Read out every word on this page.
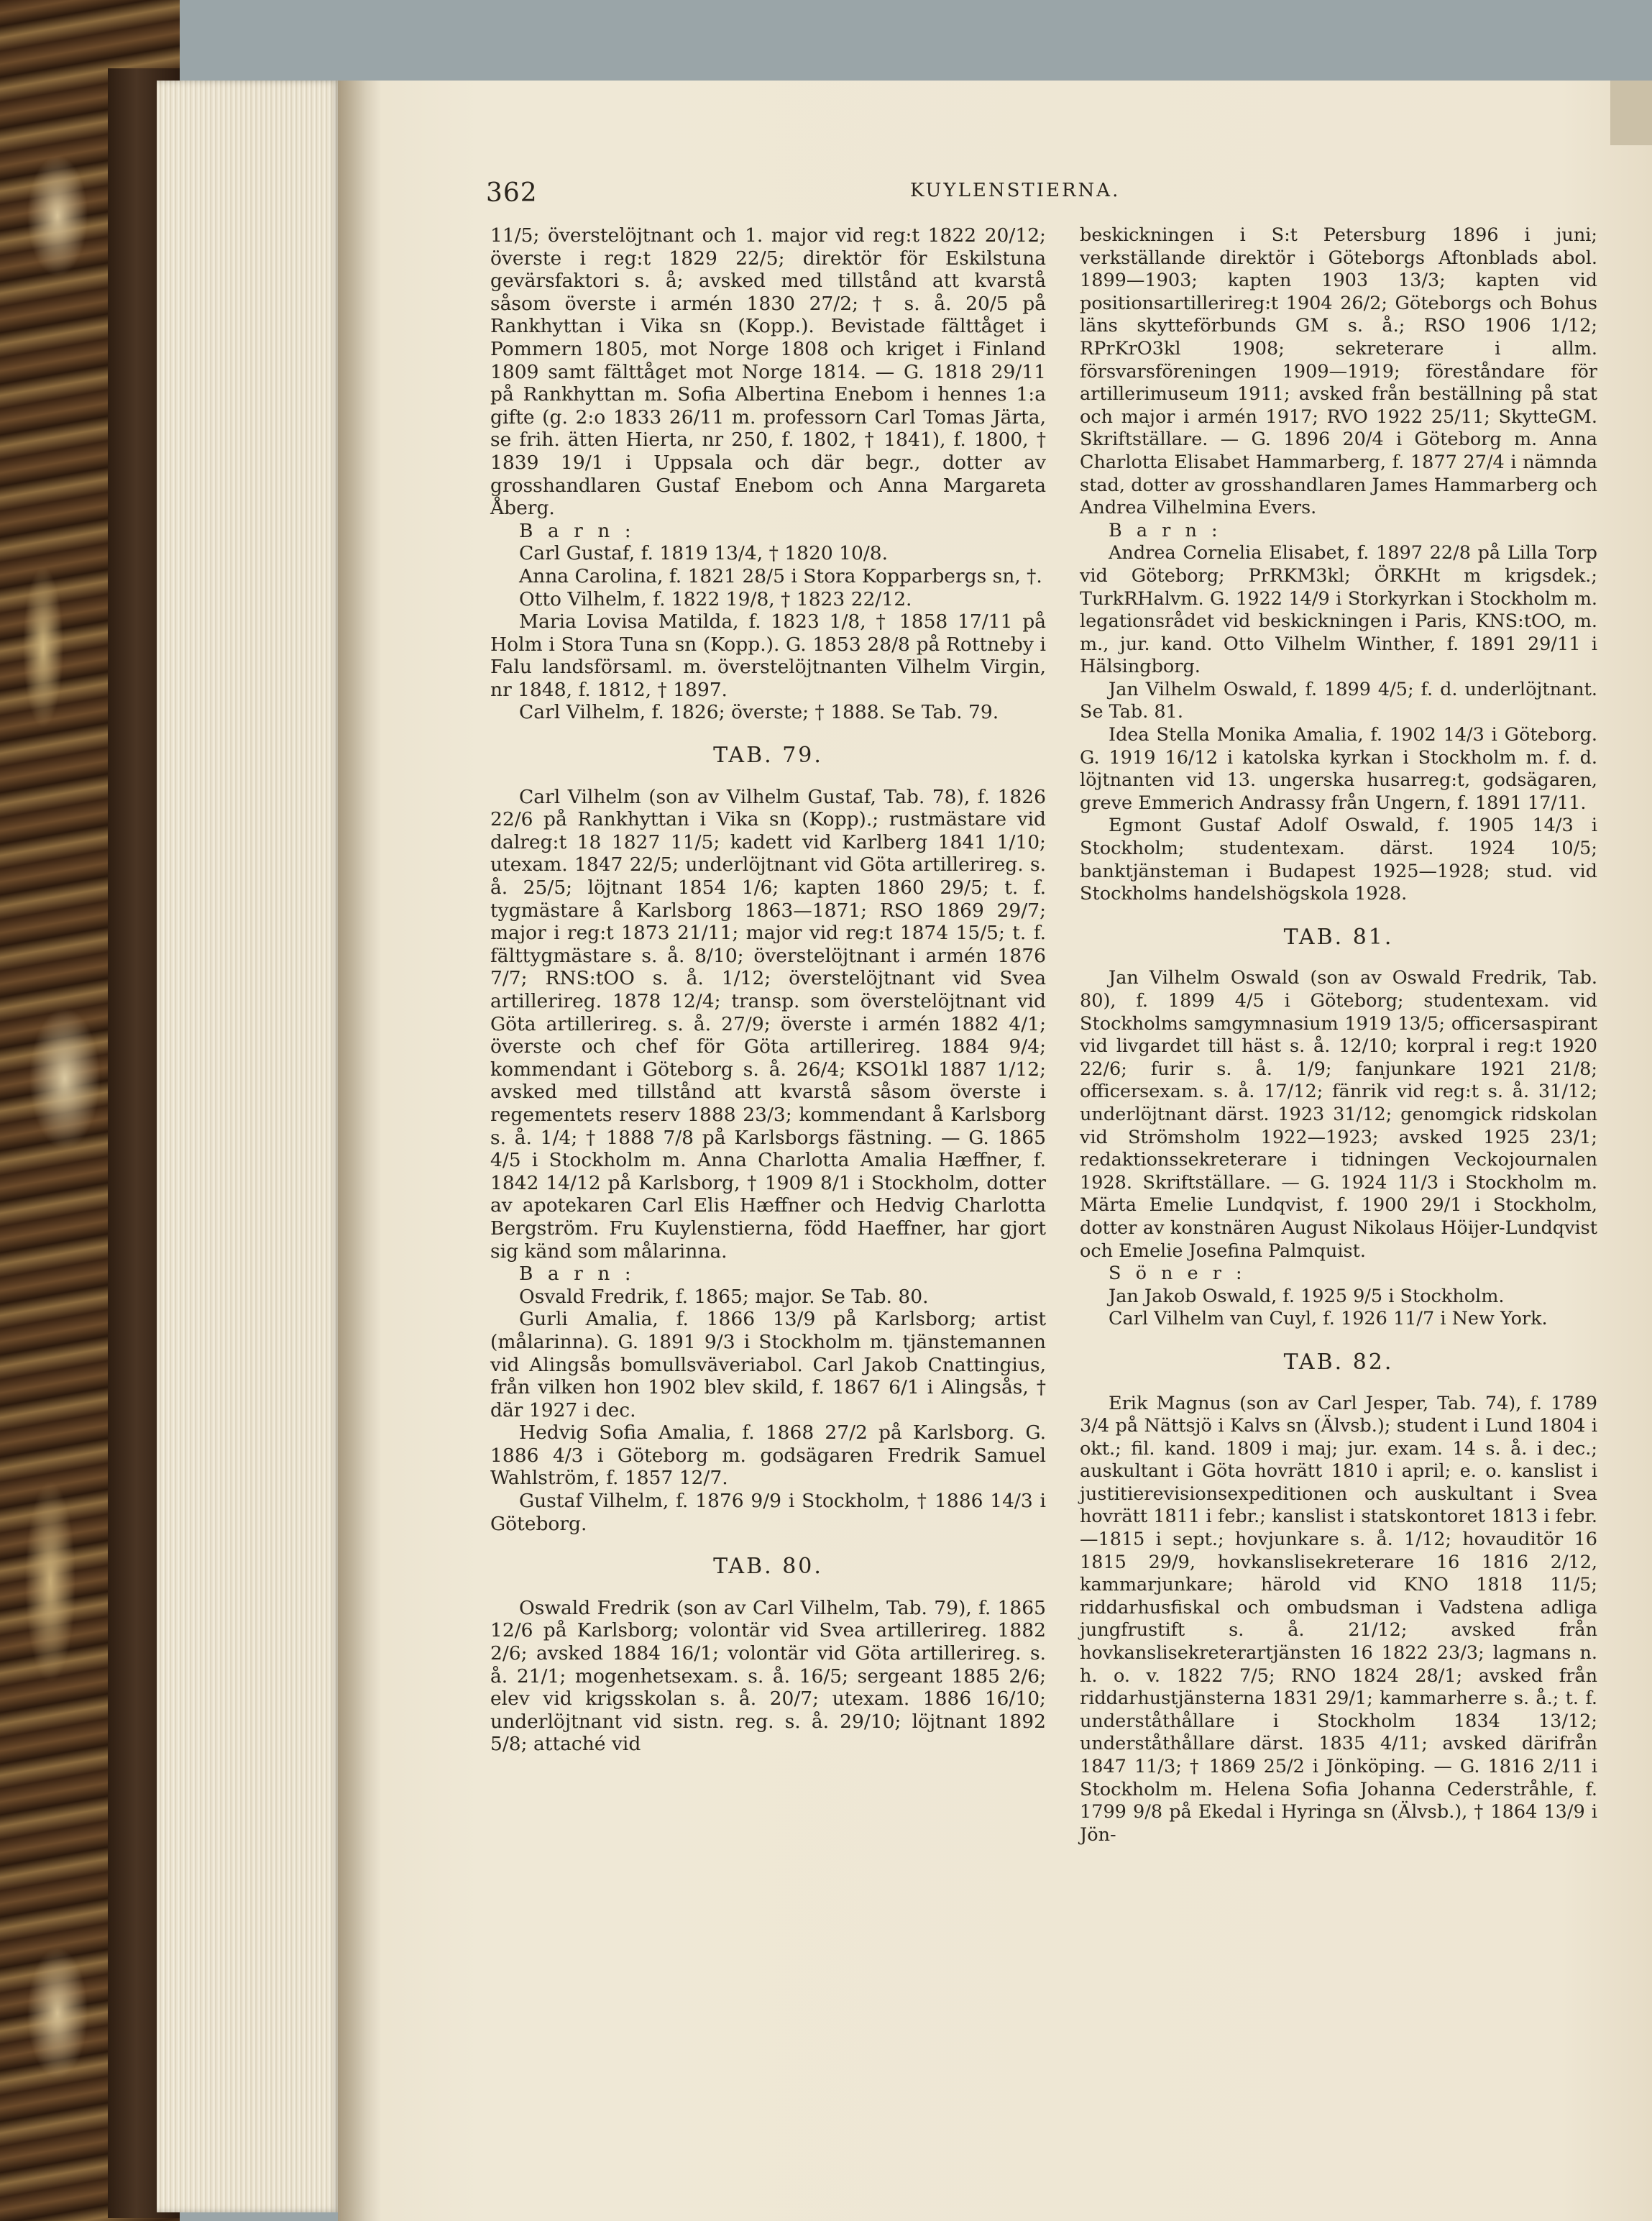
362	KUYLENSTIERNA.

11/5; överstelöjtnant och 1. major vid reg:t 1822 20/12; överste i reg:t 1829 22/5; direktör för Eskilstuna gevärsfaktori s. å; avsked med tillstånd att kvarstå såsom överste i armén 1830 27/2; † s. å. 20/5 på Rankhyttan i Vika sn (Kopp.). Bevistade fälttåget i Pommern 1805, mot Norge 1808 och kriget i Finland 1809 samt fälttåget mot Norge 1814. — G. 1818 29/11 på Rankhyttan m. Sofia Albertina Enebom i hennes 1:a gifte (g. 2:o 1833 26/11 m. professorn Carl Tomas Järta, se frih. ätten Hierta, nr 250, f. 1802, † 1841), f. 1800, † 1839 19/1 i Uppsala och där begr., dotter av grosshandlaren Gustaf Enebom och Anna Margareta Åberg.

B a r n :

Carl Gustaf, f. 1819 13/4, † 1820 10/8.

Anna Carolina, f. 1821 28/5 i Stora Kopparbergs sn, †.

Otto Vilhelm, f. 1822 19/8, † 1823 22/12.

Maria Lovisa Matilda, f. 1823 1/8, † 1858 17/11 på Holm i Stora Tuna sn (Kopp.). G. 1853 28/8 på Rottneby i Falu landsförsaml. m. överstelöjtnanten Vilhelm Virgin, nr 1848, f. 1812, † 1897.

Carl Vilhelm, f. 1826; överste; † 1888. Se Tab. 79.

TAB. 79.

Carl Vilhelm (son av Vilhelm Gustaf, Tab. 78), f. 1826 22/6 på Rankhyttan i Vika sn (Kopp).; rustmästare vid dalreg:t 18 1827 11/5; kadett vid Karlberg 1841 1/10; utexam. 1847 22/5; underlöjtnant vid Göta artillerireg. s. å. 25/5; löjtnant 1854 1/6; kapten 1860 29/5; t. f. tygmästare å Karlsborg 1863—1871; RSO 1869 29/7; major i reg:t 1873 21/11; major vid reg:t 1874 15/5; t. f. fälttygmästare s. å. 8/10; överstelöjtnant i armén 1876 7/7; RNS:tOO s. å. 1/12; överstelöjtnant vid Svea artillerireg. 1878 12/4; transp. som överstelöjtnant vid Göta artillerireg. s. å. 27/9; överste i armén 1882 4/1; överste och chef för Göta artillerireg. 1884 9/4; kommendant i Göteborg s. å. 26/4; KSO1kl 1887 1/12; avsked med tillstånd att kvarstå såsom överste i regementets reserv 1888 23/3; kommendant å Karlsborg s. å. 1/4; † 1888 7/8 på Karlsborgs fästning. — G. 1865 4/5 i Stockholm m. Anna Charlotta Amalia Hæffner, f. 1842 14/12 på Karlsborg, † 1909 8/1 i Stockholm, dotter av apotekaren Carl Elis Hæffner och Hedvig Charlotta Bergström. Fru Kuylenstierna, född Haeffner, har gjort sig känd som målarinna.

B a r n :

Osvald Fredrik, f. 1865; major. Se Tab. 80.

Gurli Amalia, f. 1866 13/9 på Karlsborg; artist (målarinna). G. 1891 9/3 i Stockholm m. tjänstemannen vid Alingsås bomullsväveriabol. Carl Jakob Cnattingius, från vilken hon 1902 blev skild, f. 1867 6/1 i Alingsås, † där 1927 i dec.

Hedvig Sofia Amalia, f. 1868 27/2 på Karlsborg. G. 1886 4/3 i Göteborg m. godsägaren Fredrik Samuel Wahlström, f. 1857 12/7.

Gustaf Vilhelm, f. 1876 9/9 i Stockholm, † 1886 14/3 i Göteborg.

TAB. 80.

Oswald Fredrik (son av Carl Vilhelm, Tab. 79), f. 1865 12/6 på Karlsborg; volontär vid Svea artillerireg. 1882 2/6; avsked 1884 16/1; volontär vid Göta artillerireg. s. å. 21/1; mogenhetsexam. s. å. 16/5; sergeant 1885 2/6; elev vid krigsskolan s. å. 20/7; utexam. 1886 16/10; underlöjtnant vid sistn. reg. s. å. 29/10; löjtnant 1892 5/8; attaché vid

beskickningen i S:t Petersburg 1896 i juni; verkställande direktör i Göteborgs Aftonblads abol. 1899—1903; kapten 1903 13/3; kapten vid positionsartillerireg:t 1904 26/2; Göteborgs och Bohus läns skytteförbunds GM s. å.; RSO 1906 1/12; RPrKrO3kl 1908; sekreterare i allm. försvarsföreningen 1909—1919; föreståndare för artillerimuseum 1911; avsked från beställning på stat och major i armén 1917; RVO 1922 25/11; SkytteGM. Skriftställare. — G. 1896 20/4 i Göteborg m. Anna Charlotta Elisabet Hammarberg, f. 1877 27/4 i nämnda stad, dotter av grosshandlaren James Hammarberg och Andrea Vilhelmina Evers.

B a r n :

Andrea Cornelia Elisabet, f. 1897 22/8 på Lilla Torp vid Göteborg; PrRKM3kl; ÖRKHt m krigsdek.; TurkRHalvm. G. 1922 14/9 i Storkyrkan i Stockholm m. legationsrådet vid beskickningen i Paris, KNS:tOO, m. m., jur. kand. Otto Vilhelm Winther, f. 1891 29/11 i Hälsingborg.

Jan Vilhelm Oswald, f. 1899 4/5; f. d. underlöjtnant. Se Tab. 81.

Idea Stella Monika Amalia, f. 1902 14/3 i Göteborg. G. 1919 16/12 i katolska kyrkan i Stockholm m. f. d. löjtnanten vid 13. ungerska husarreg:t, godsägaren, greve Emmerich Andrassy från Ungern, f. 1891 17/11.

Egmont Gustaf Adolf Oswald, f. 1905 14/3 i Stockholm; studentexam. därst. 1924 10/5; banktjänsteman i Budapest 1925—1928; stud. vid Stockholms handelshögskola 1928.

TAB. 81.

Jan Vilhelm Oswald (son av Oswald Fredrik, Tab. 80), f. 1899 4/5 i Göteborg; studentexam. vid Stockholms samgymnasium 1919 13/5; officersaspirant vid livgardet till häst s. å. 12/10; korpral i reg:t 1920 22/6; furir s. å. 1/9; fanjunkare 1921 21/8; officersexam. s. å. 17/12; fänrik vid reg:t s. å. 31/12; underlöjtnant därst. 1923 31/12; genomgick ridskolan vid Strömsholm 1922—1923; avsked 1925 23/1; redaktionssekreterare i tidningen Veckojournalen 1928. Skriftställare. — G. 1924 11/3 i Stockholm m. Märta Emelie Lundqvist, f. 1900 29/1 i Stockholm, dotter av konstnären August Nikolaus Höijer-Lundqvist och Emelie Josefina Palmquist.

S ö n e r :

Jan Jakob Oswald, f. 1925 9/5 i Stockholm.

Carl Vilhelm van Cuyl, f. 1926 11/7 i New York.

TAB. 82.

Erik Magnus (son av Carl Jesper, Tab. 74), f. 1789 3/4 på Nättsjö i Kalvs sn (Älvsb.); student i Lund 1804 i okt.; fil. kand. 1809 i maj; jur. exam. 14 s. å. i dec.; auskultant i Göta hovrätt 1810 i april; e. o. kanslist i justitierevisionsexpeditionen och auskultant i Svea hovrätt 1811 i febr.; kanslist i statskontoret 1813 i febr.—1815 i sept.; hovjunkare s. å. 1/12; hovauditör 16 1815 29/9, hovkanslisekreterare 16 1816 2/12, kammarjunkare; härold vid KNO 1818 11/5; riddarhusfiskal och ombudsman i Vadstena adliga jungfrustift s. å. 21/12; avsked från hovkanslisekreterartjänsten 16 1822 23/3; lagmans n. h. o. v. 1822 7/5; RNO 1824 28/1; avsked från riddarhustjänsterna 1831 29/1; kammarherre s. å.; t. f. underståthållare i Stockholm 1834 13/12; underståthållare därst. 1835 4/11; avsked därifrån 1847 11/3; † 1869 25/2 i Jönköping. — G. 1816 2/11 i Stockholm m. Helena Sofia Johanna Cederstråhle, f. 1799 9/8 på Ekedal i Hyringa sn (Älvsb.), † 1864 13/9 i Jön-
